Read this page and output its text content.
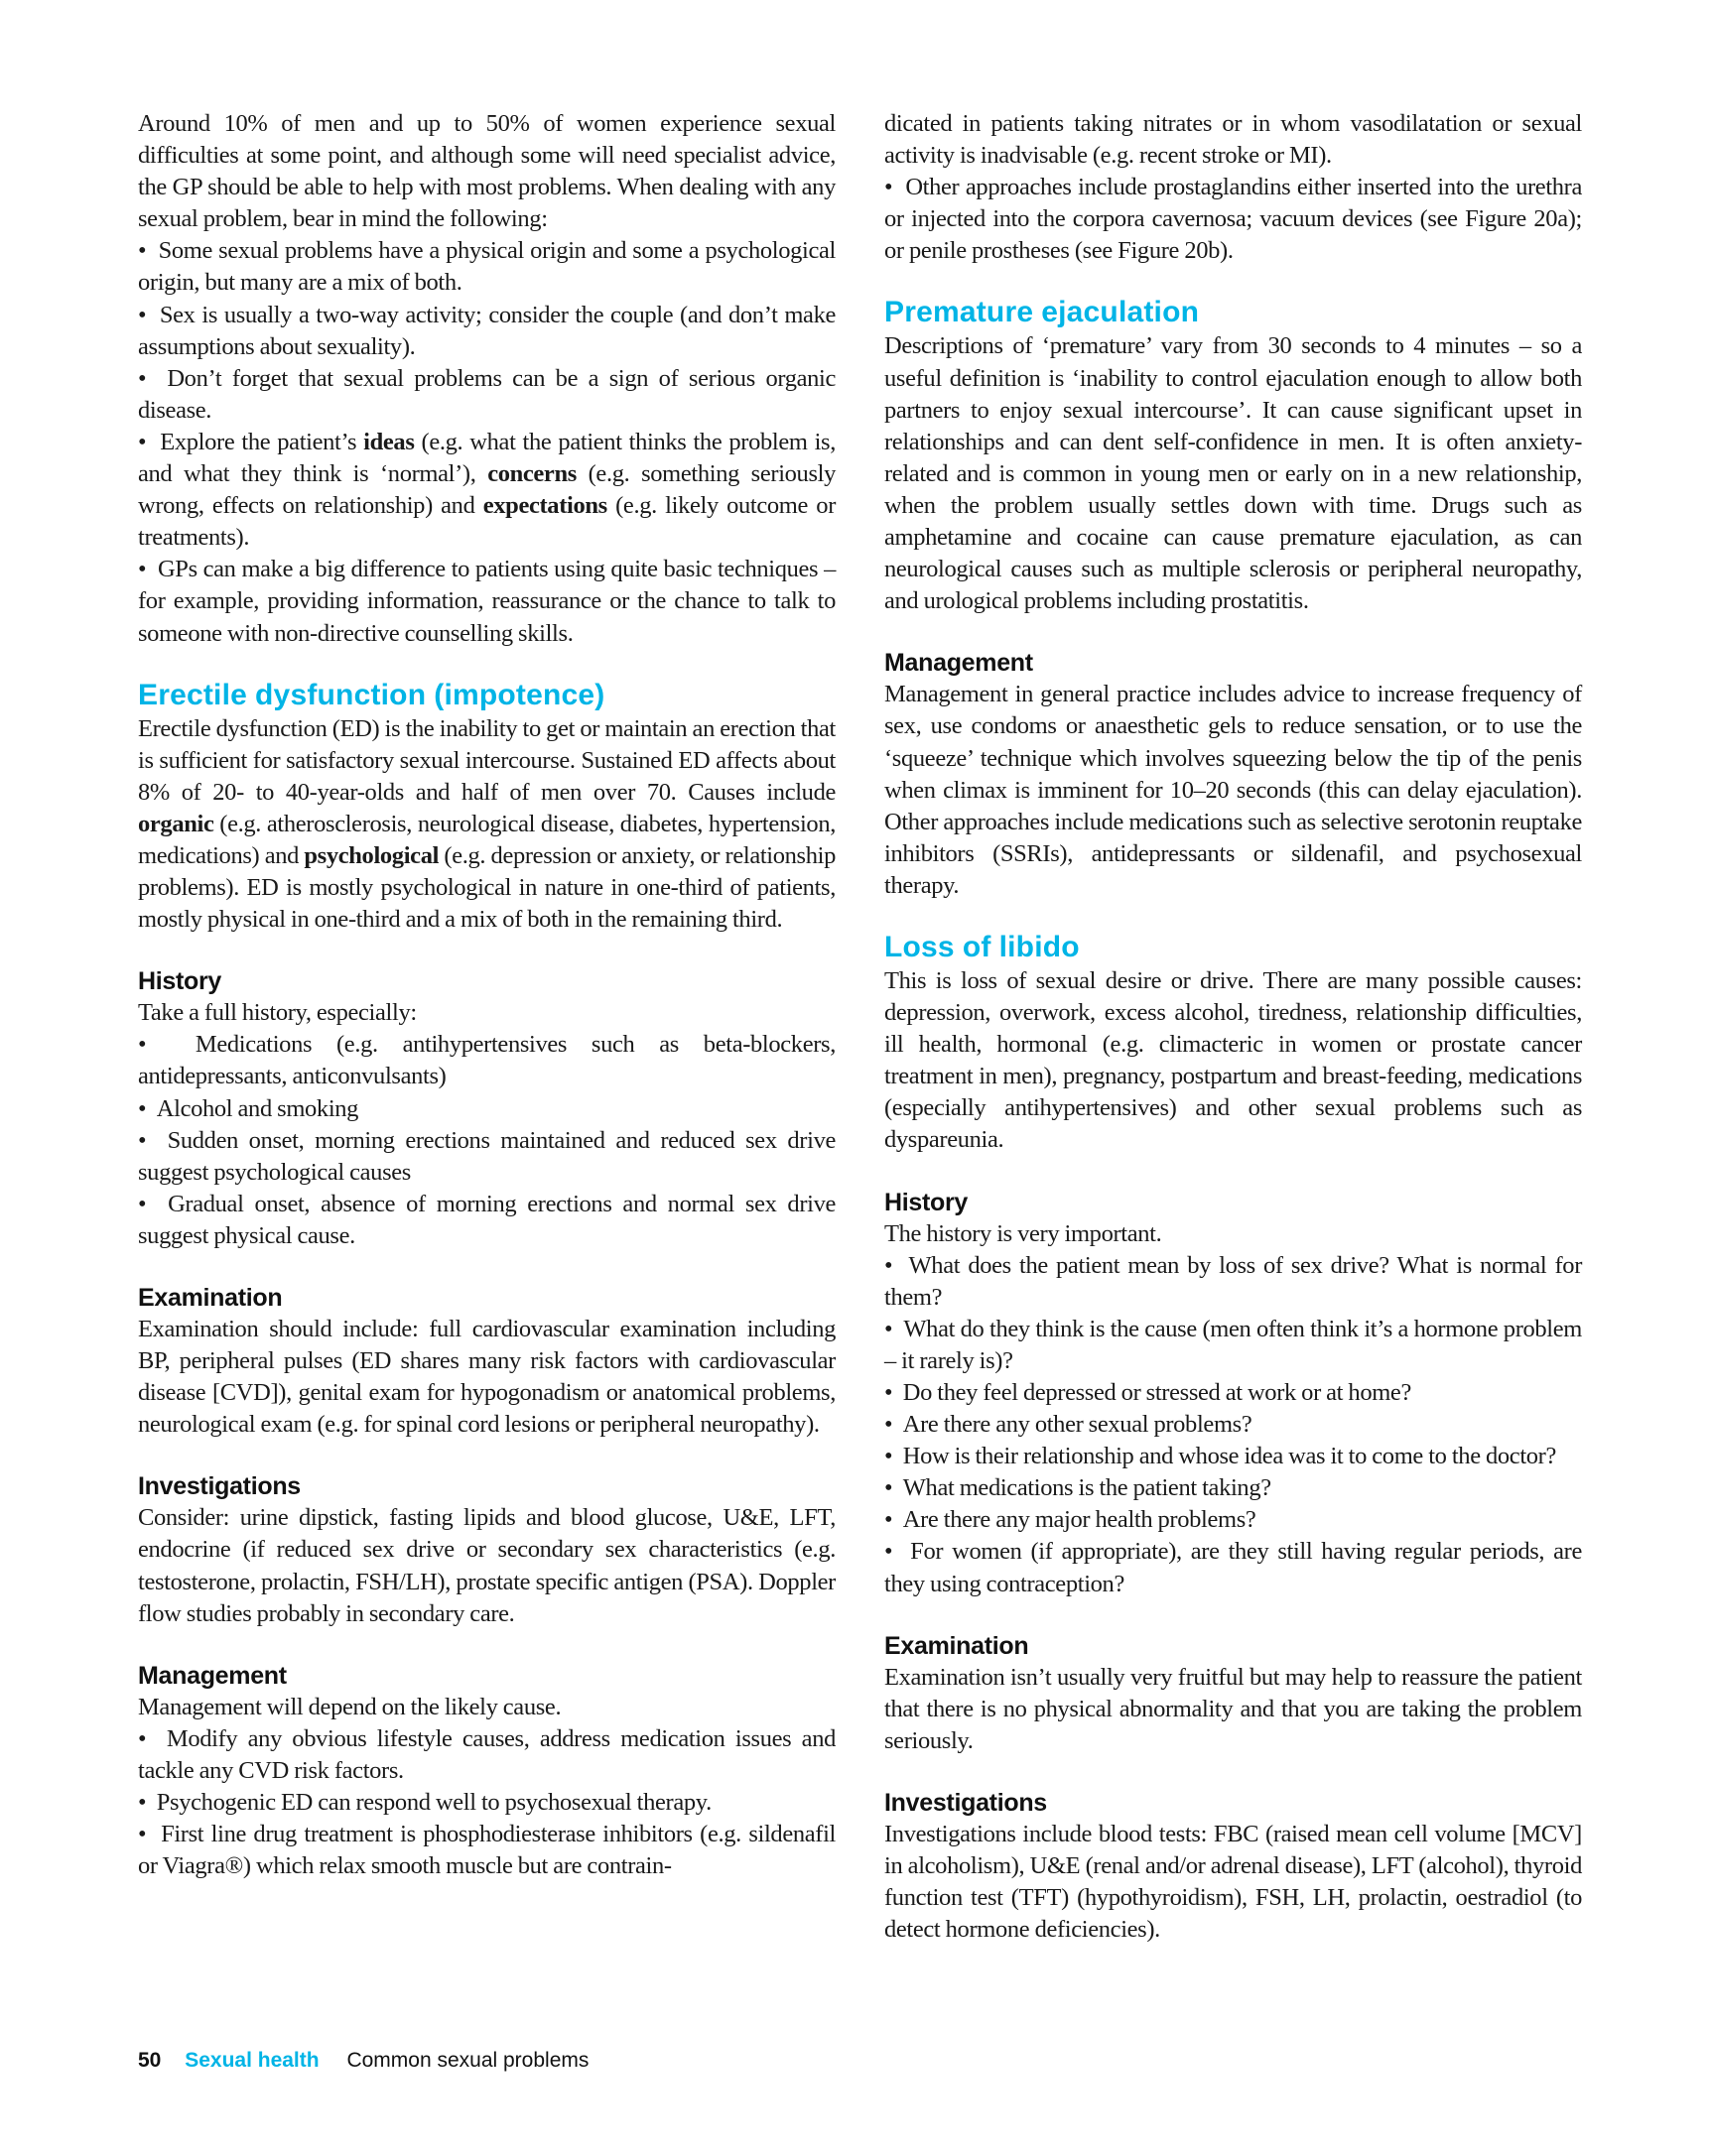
Around 10% of men and up to 50% of women experience sexual difficulties at some point, and although some will need specialist advice, the GP should be able to help with most problems. When dealing with any sexual problem, bear in mind the following:

•  Some sexual problems have a physical origin and some a psychological origin, but many are a mix of both.

•  Sex is usually a two-way activity; consider the couple (and don’t make assumptions about sexuality).

•  Don’t forget that sexual problems can be a sign of serious organic disease.

•  Explore the patient’s ideas (e.g. what the patient thinks the problem is, and what they think is ‘normal’), concerns (e.g. something seriously wrong, effects on relationship) and expectations (e.g. likely outcome or treatments).

•  GPs can make a big difference to patients using quite basic techniques – for example, providing information, reassurance or the chance to talk to someone with non-directive counselling skills.

Erectile dysfunction (impotence)

Erectile dysfunction (ED) is the inability to get or maintain an erection that is sufficient for satisfactory sexual intercourse. Sustained ED affects about 8% of 20- to 40-year-olds and half of men over 70. Causes include organic (e.g. atherosclerosis, neurological disease, diabetes, hypertension, medications) and psychological (e.g. depression or anxiety, or relationship problems). ED is mostly psychological in nature in one-third of patients, mostly physical in one-third and a mix of both in the remaining third.

History

Take a full history, especially:

•  Medications (e.g. antihypertensives such as beta-blockers, antidepressants, anticonvulsants)

•  Alcohol and smoking

•  Sudden onset, morning erections maintained and reduced sex drive suggest psychological causes

•  Gradual onset, absence of morning erections and normal sex drive suggest physical cause.

Examination

Examination should include: full cardiovascular examination including BP, peripheral pulses (ED shares many risk factors with cardiovascular disease [CVD]), genital exam for hypogonadism or anatomical problems, neurological exam (e.g. for spinal cord lesions or peripheral neuropathy).

Investigations

Consider: urine dipstick, fasting lipids and blood glucose, U&E, LFT, endocrine (if reduced sex drive or secondary sex characteristics (e.g. testosterone, prolactin, FSH/LH), prostate specific antigen (PSA). Doppler flow studies probably in secondary care.

Management

Management will depend on the likely cause.

•  Modify any obvious lifestyle causes, address medication issues and tackle any CVD risk factors.

•  Psychogenic ED can respond well to psychosexual therapy.

•  First line drug treatment is phosphodiesterase inhibitors (e.g. sildenafil or Viagra®) which relax smooth muscle but are contrain-

dicated in patients taking nitrates or in whom vasodilatation or sexual activity is inadvisable (e.g. recent stroke or MI).

•  Other approaches include prostaglandins either inserted into the urethra or injected into the corpora cavernosa; vacuum devices (see Figure 20a); or penile prostheses (see Figure 20b).

Premature ejaculation

Descriptions of ‘premature’ vary from 30 seconds to 4 minutes – so a useful definition is ‘inability to control ejaculation enough to allow both partners to enjoy sexual intercourse’. It can cause significant upset in relationships and can dent self-confidence in men. It is often anxiety-related and is common in young men or early on in a new relationship, when the problem usually settles down with time. Drugs such as amphetamine and cocaine can cause premature ejaculation, as can neurological causes such as multiple sclerosis or peripheral neuropathy, and urological problems including prostatitis.

Management

Management in general practice includes advice to increase frequency of sex, use condoms or anaesthetic gels to reduce sensation, or to use the ‘squeeze’ technique which involves squeezing below the tip of the penis when climax is imminent for 10–20 seconds (this can delay ejaculation). Other approaches include medications such as selective serotonin reuptake inhibitors (SSRIs), antidepressants or sildenafil, and psychosexual therapy.

Loss of libido

This is loss of sexual desire or drive. There are many possible causes: depression, overwork, excess alcohol, tiredness, relationship difficulties, ill health, hormonal (e.g. climacteric in women or prostate cancer treatment in men), pregnancy, postpartum and breast-feeding, medications (especially antihypertensives) and other sexual problems such as dyspareunia.

History

The history is very important.

•  What does the patient mean by loss of sex drive? What is normal for them?

•  What do they think is the cause (men often think it’s a hormone problem – it rarely is)?

•  Do they feel depressed or stressed at work or at home?

•  Are there any other sexual problems?

•  How is their relationship and whose idea was it to come to the doctor?

•  What medications is the patient taking?

•  Are there any major health problems?

•  For women (if appropriate), are they still having regular periods, are they using contraception?

Examination

Examination isn’t usually very fruitful but may help to reassure the patient that there is no physical abnormality and that you are taking the problem seriously.

Investigations

Investigations include blood tests: FBC (raised mean cell volume [MCV] in alcoholism), U&E (renal and/or adrenal disease), LFT (alcohol), thyroid function test (TFT) (hypothyroidism), FSH, LH, prolactin, oestradiol (to detect hormone deficiencies).

50 Sexual health Common sexual problems
